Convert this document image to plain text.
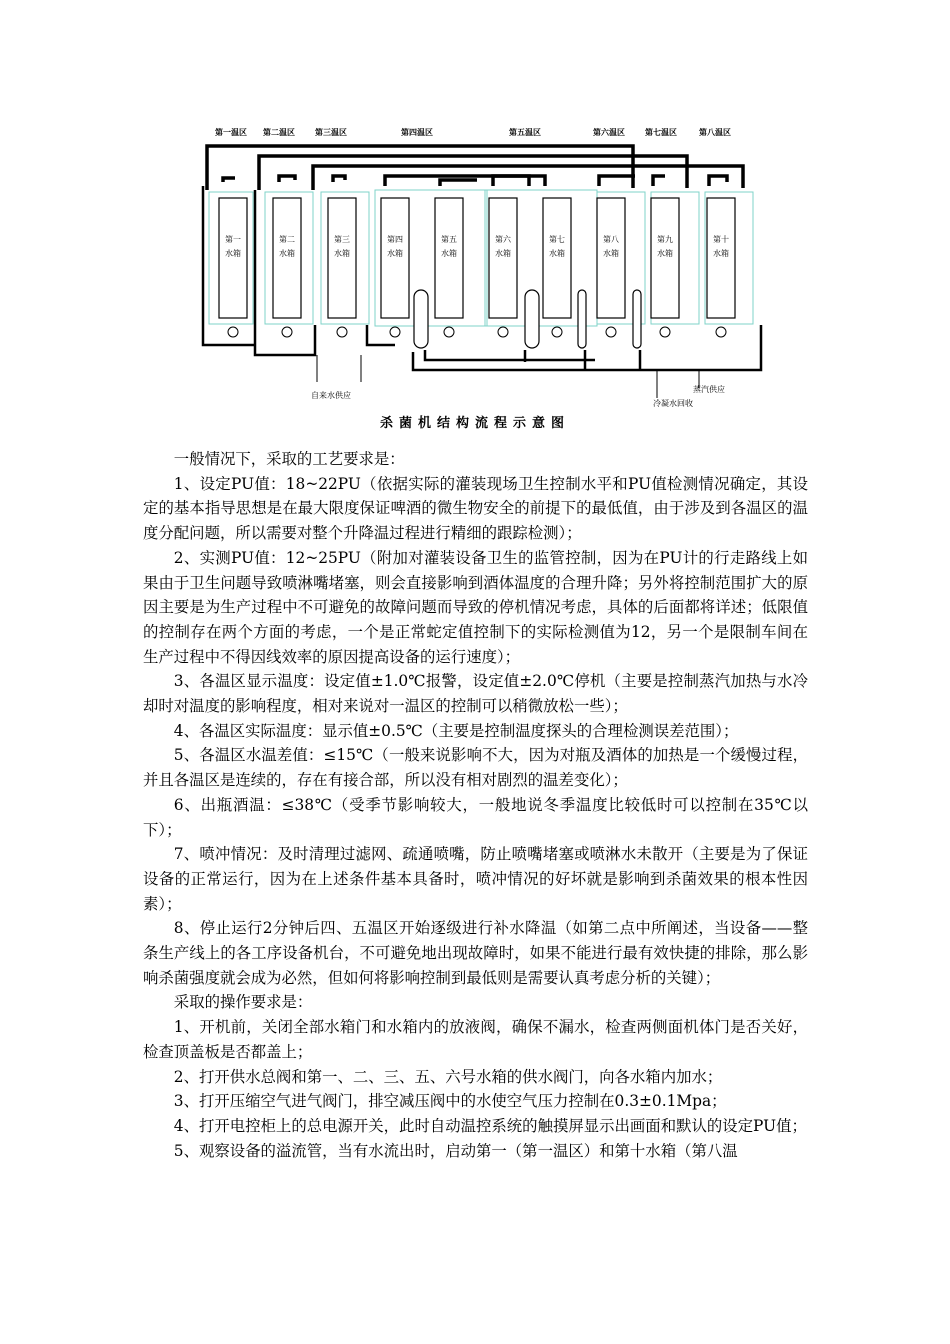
第一温区 第二温区	第三温区	第四温区	第五温区	第六温区	第七温区	第八温区
第一
水箱
第二
水箱
第三
水箱
第四
水箱
第五
水箱
第六
水箱
第七
水箱
第八
水箱
第九
水箱
第十
水箱
自来水供应
蒸汽供应
冷凝水回收
杀菌机结构流程示意图

一般情况下，采取的工艺要求是：

1、设定PU值：18~22PU（依据实际的灌装现场卫生控制水平和PU值检测情况确定，其设定的基本指导思想是在最大限度保证啤酒的微生物安全的前提下的最低值，由于涉及到各温区的温度分配问题，所以需要对整个升降温过程进行精细的跟踪检测）；

2、实测PU值：12~25PU（附加对灌装设备卫生的监管控制，因为在PU计的行走路线上如果由于卫生问题导致喷淋嘴堵塞，则会直接影响到酒体温度的合理升降；另外将控制范围扩大的原因主要是为生产过程中不可避免的故障问题而导致的停机情况考虑，具体的后面都将详述；低限值的控制存在两个方面的考虑，一个是正常蛇定值控制下的实际检测值为12，另一个是限制车间在生产过程中不得因线效率的原因提高设备的运行速度）；

3、各温区显示温度：设定值±1.0℃报警，设定值±2.0℃停机（主要是控制蒸汽加热与水冷却时对温度的影响程度，相对来说对一温区的控制可以稍微放松一些）；

4、各温区实际温度：显示值±0.5℃（主要是控制温度探头的合理检测误差范围）；

5、各温区水温差值：≤15℃（一般来说影响不大，因为对瓶及酒体的加热是一个缓慢过程，并且各温区是连续的，存在有接合部，所以没有相对剧烈的温差变化）；

6、出瓶酒温：≤38℃（受季节影响较大，一般地说冬季温度比较低时可以控制在35℃以下）；

7、喷冲情况：及时清理过滤网、疏通喷嘴，防止喷嘴堵塞或喷淋水未散开（主要是为了保证设备的正常运行，因为在上述条件基本具备时，喷冲情况的好坏就是影响到杀菌效果的根本性因素）；

8、停止运行2分钟后四、五温区开始逐级进行补水降温（如第二点中所阐述，当设备——整条生产线上的各工序设备机台，不可避免地出现故障时，如果不能进行最有效快捷的排除，那么影响杀菌强度就会成为必然，但如何将影响控制到最低则是需要认真考虑分析的关键）；

采取的操作要求是：

1、开机前，关闭全部水箱门和水箱内的放液阀，确保不漏水，检查两侧面机体门是否关好，检查顶盖板是否都盖上；

2、打开供水总阀和第一、二、三、五、六号水箱的供水阀门，向各水箱内加水；

3、打开压缩空气进气阀门，排空减压阀中的水使空气压力控制在0.3±0.1Mpa；

4、打开电控柜上的总电源开关，此时自动温控系统的触摸屏显示出画面和默认的设定PU值；

5、观察设备的溢流管，当有水流出时，启动第一（第一温区）和第十水箱（第八温
